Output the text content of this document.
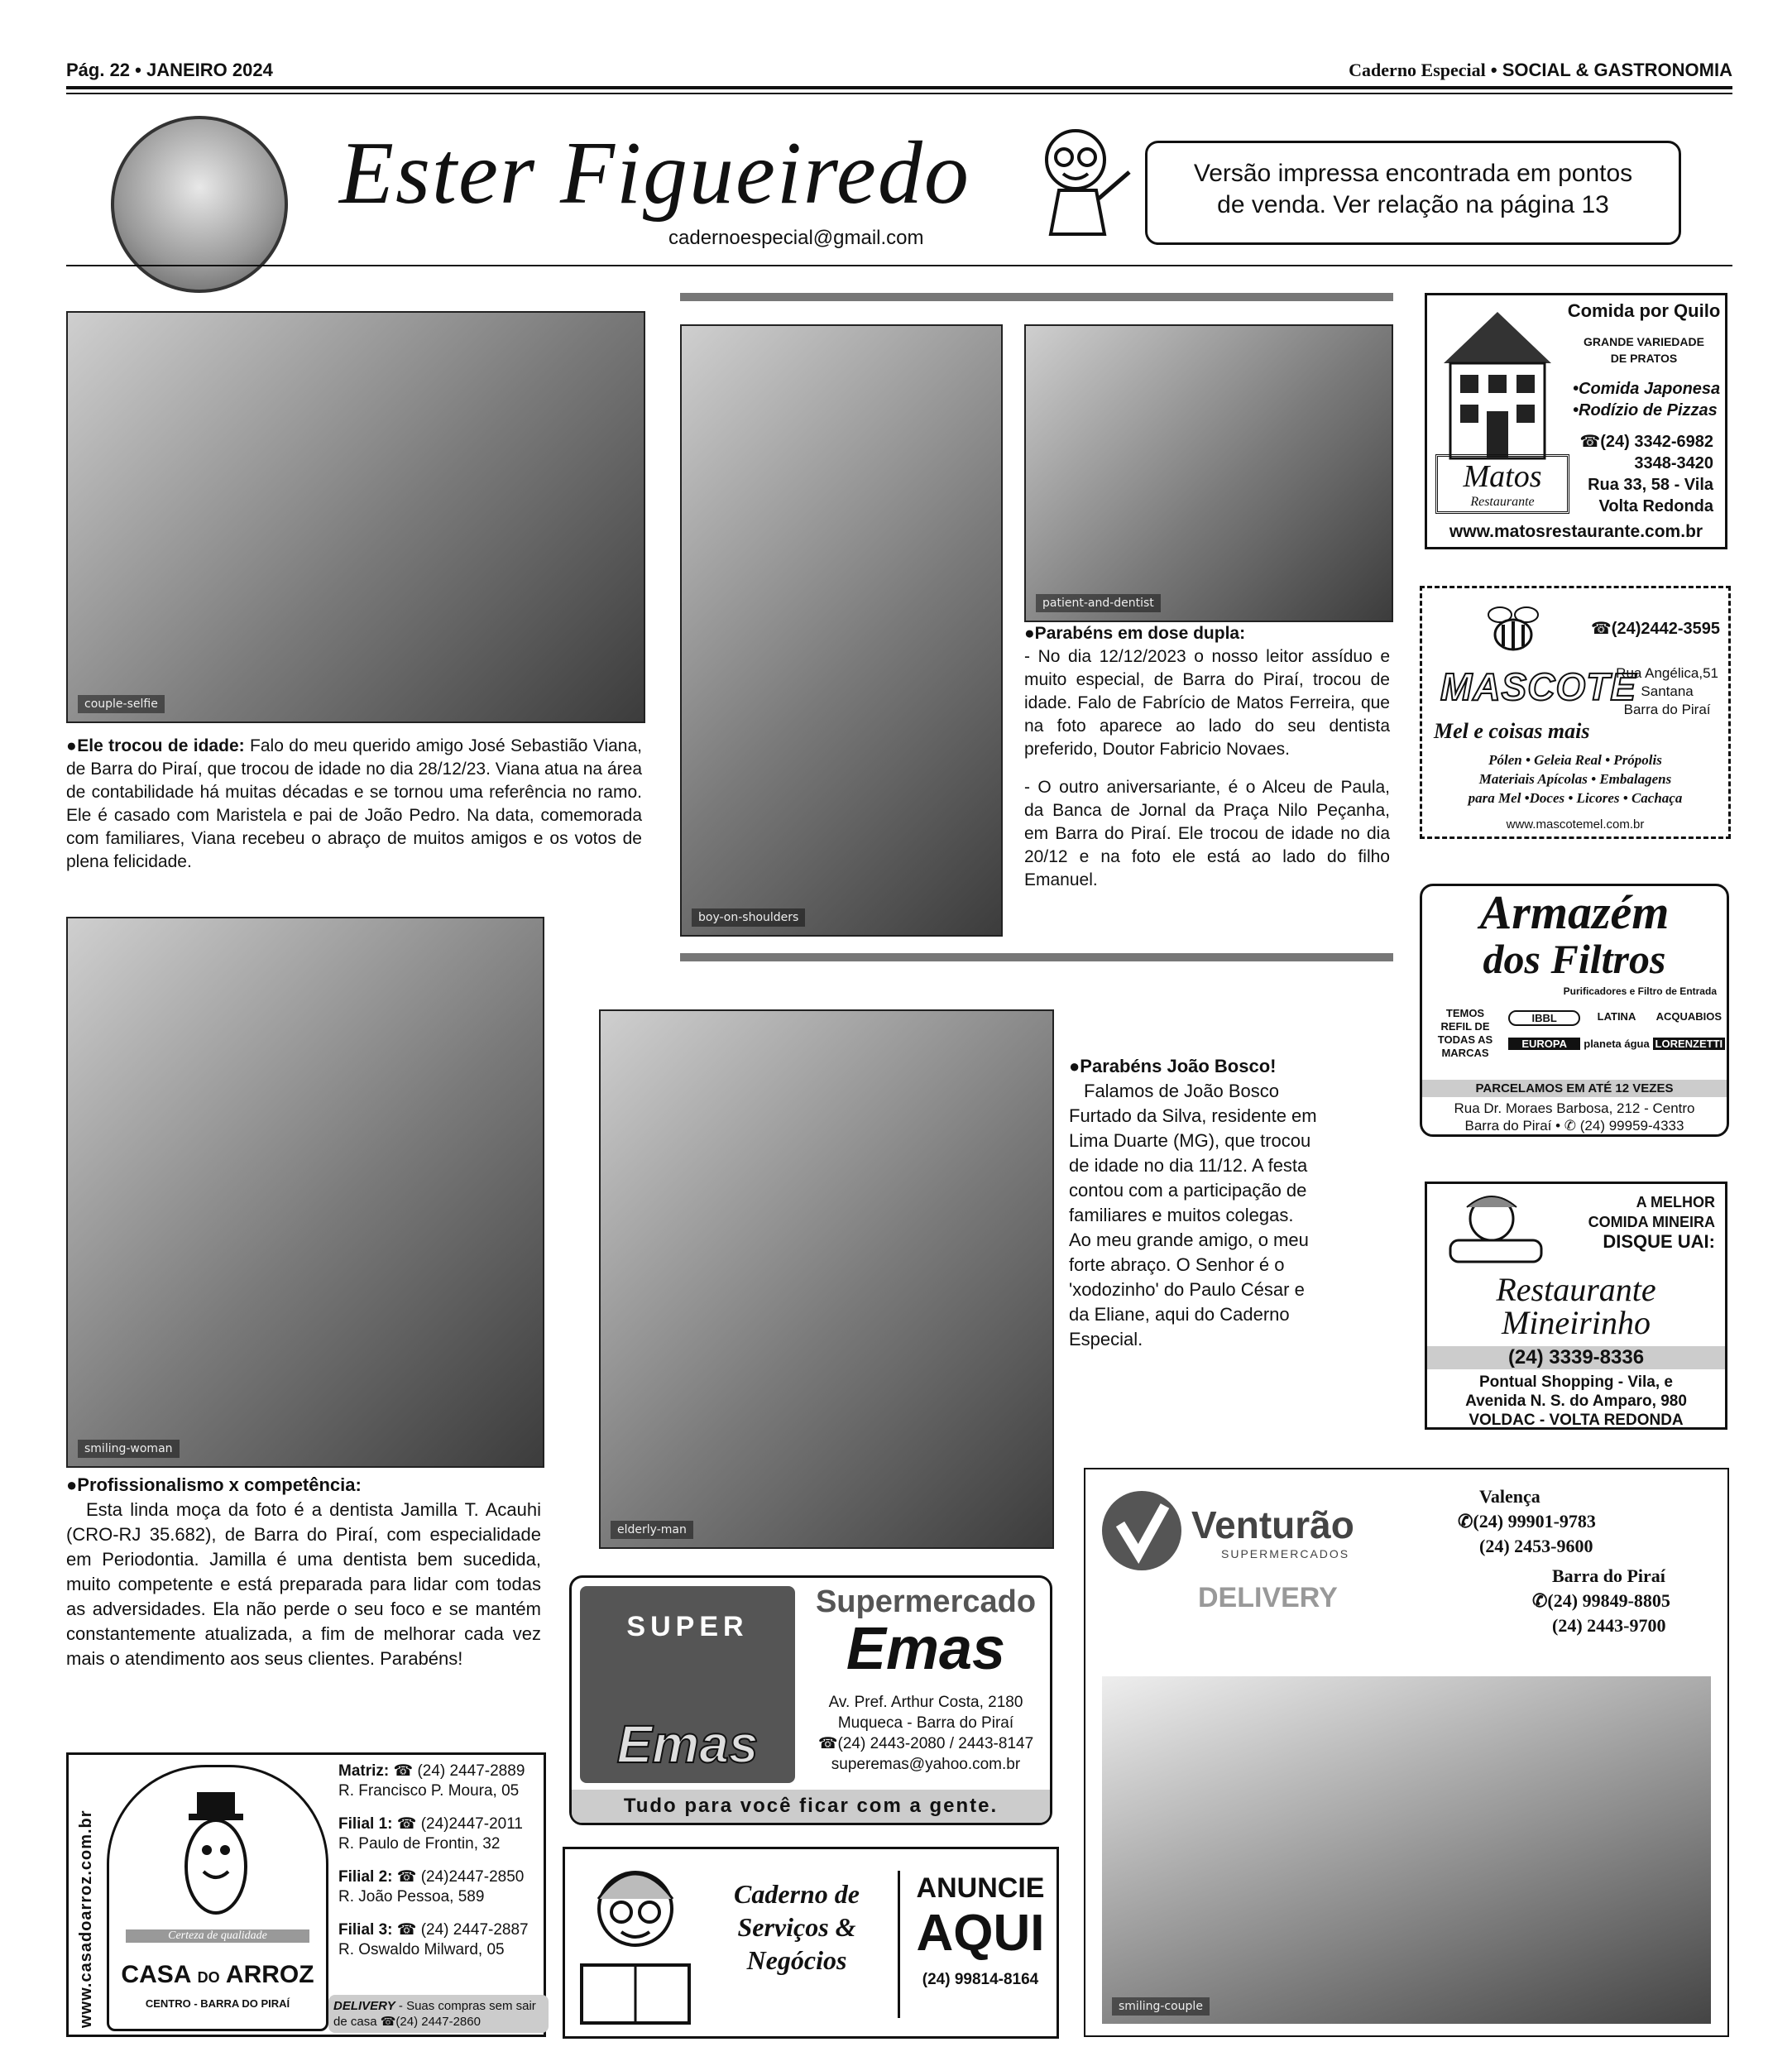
Pág. 22 • JANEIRO 2024	Caderno Especial • SOCIAL & GASTRONOMIA
Ester Figueiredo
cadernoespecial@gmail.com
Versão impressa encontrada em pontos
de venda. Ver relação na página 13
couple-selfie

●Ele trocou de idade: Falo do meu querido amigo José Sebastião Viana, de Barra do Piraí, que trocou de idade no dia 28/12/23. Viana atua na área de contabilidade há muitas décadas e se tornou uma referência no ramo. Ele é casado com Maristela e pai de João Pedro. Na data, comemorada com familiares, Viana recebeu o abraço de muitos amigos e os votos de plena felicidade.

boy-on-shoulders
patient-and-dentist

●Parabéns em dose dupla:

- No dia 12/12/2023 o nosso leitor assíduo e muito especial, de Barra do Piraí, trocou de idade. Falo de Fabrício de Matos Ferreira, que na foto aparece ao lado do seu dentista preferido, Doutor Fabricio Novaes.

- O outro aniversariante, é o Alceu de Paula, da Banca de Jornal da Praça Nilo Peçanha, em Barra do Piraí. Ele trocou de idade no dia 20/12 e na foto ele está ao lado do filho Emanuel.

smiling-woman

●Profissionalismo x competência:

Esta linda moça da foto é a dentista Jamilla T. Acauhi (CRO-RJ 35.682), de Barra do Piraí, com especialidade em Periodontia. Jamilla é uma dentista bem sucedida, muito competente e está preparada para lidar com todas as adversidades. Ela não perde o seu foco e se mantém constantemente atualizada, a fim de melhorar cada vez mais o atendimento aos seus clientes. Parabéns!

elderly-man

●Parabéns João Bosco!

Falamos de João Bosco Furtado da Silva, residente em Lima Duarte (MG), que trocou de idade no dia 11/12. A festa contou com a participação de familiares e muitos colegas. Ao meu grande amigo, o meu forte abraço. O Senhor é o 'xodozinho' do Paulo César e da Eliane, aqui do Caderno Especial.

Matos
Restaurante
Comida por Quilo
GRANDE VARIEDADE
DE PRATOS
•Comida Japonesa
•Rodízio de Pizzas
☎(24) 3342-6982
3348-3420
Rua 33, 58 - Vila
Volta Redonda
www.matosrestaurante.com.br
☎(24)2442-3595
MASCOTE
Rua Angélica,51
Santana
Barra do Piraí
Mel e coisas mais
Pólen • Geleia Real • Própolis
Materiais Apícolas • Embalagens
para Mel •Doces • Licores • Cachaça
www.mascotemel.com.br
Armazém
dos Filtros
Purificadores e Filtro de Entrada
TEMOS
REFIL DE
TODAS AS
MARCAS
IBBL	LATINA	ACQUABIOS
EUROPA	planeta água LORENZETTI
PARCELAMOS EM ATÉ 12 VEZES
Rua Dr. Moraes Barbosa, 212 - Centro
Barra do Piraí • ✆ (24) 99959-4333
A MELHOR
COMIDA MINEIRA
DISQUE UAI:
Restaurante
Mineirinho
(24) 3339-8336
Pontual Shopping - Vila, e
Avenida N. S. do Amparo, 980
VOLDAC - VOLTA REDONDA
Venturão
SUPERMERCADOS
DELIVERY
Valença
✆(24) 99901-9783
(24) 2453-9600
Barra do Piraí
✆(24) 99849-8805
(24) 2443-9700
smiling-couple
SUPER
Emas
Supermercado
Emas
Av. Pref. Arthur Costa, 2180
Muqueca - Barra do Piraí
☎(24) 2443-2080 / 2443-8147
superemas@yahoo.com.br
Tudo para você ficar com a gente.
www.casadoarroz.com.br	Certeza de qualidade
CASA DO ARROZ
CENTRO - BARRA DO PIRAÍ
Matriz: ☎ (24) 2447-2889
R. Francisco P. Moura, 05
Filial 1: ☎ (24)2447-2011
R. Paulo de Frontin, 32
Filial 2: ☎ (24)2447-2850
R. João Pessoa, 589
Filial 3: ☎ (24) 2447-2887
R. Oswaldo Milward, 05
DELIVERY - Suas compras sem sair de casa ☎(24) 2447-2860
Caderno de
Serviços &
Negócios
ANUNCIE
AQUI
(24) 99814-8164
